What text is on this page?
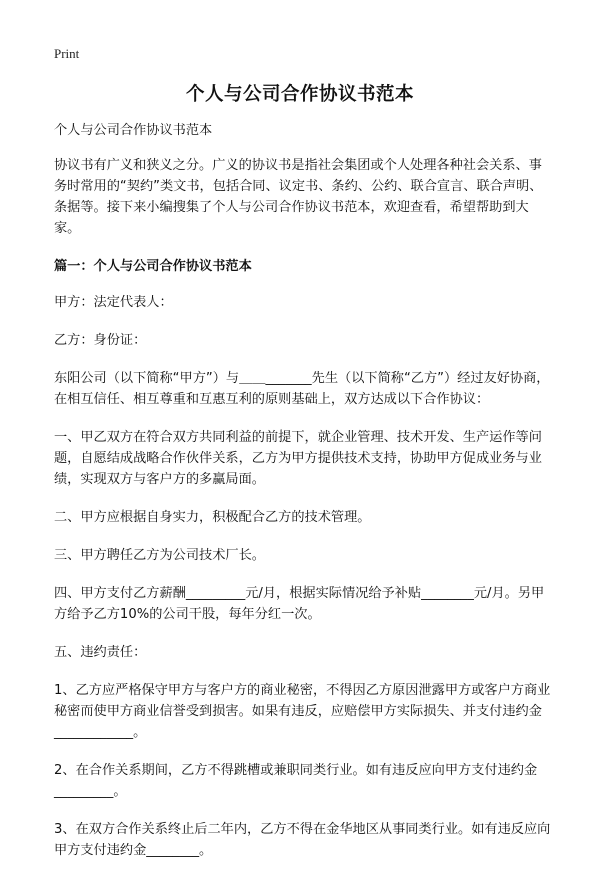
Print
个人与公司合作协议书范本

个人与公司合作协议书范本

协议书有广义和狭义之分。广义的协议书是指社会集团或个人处理各种社会关系、事务时常用的“契约”类文书，包括合同、议定书、条约、公约、联合宣言、联合声明、条据等。接下来小编搜集了个人与公司合作协议书范本，欢迎查看，希望帮助到大家。

篇一：个人与公司合作协议书范本

甲方：法定代表人：

乙方：身份证：

东阳公司（以下简称“甲方”）与＿＿_______先生（以下简称“乙方”）经过友好协商，在相互信任、相互尊重和互惠互利的原则基础上，双方达成以下合作协议：

一、甲乙双方在符合双方共同利益的前提下，就企业管理、技术开发、生产运作等问题，自愿结成战略合作伙伴关系，乙方为甲方提供技术支持，协助甲方促成业务与业绩，实现双方与客户方的多赢局面。

二、甲方应根据自身实力，积极配合乙方的技术管理。

三、甲方聘任乙方为公司技术厂长。

四、甲方支付乙方薪酬_________元/月，根据实际情况给予补贴________元/月。另甲方给予乙方10%的公司干股，每年分红一次。

五、违约责任：

1、乙方应严格保守甲方与客户方的商业秘密，不得因乙方原因泄露甲方或客户方商业秘密而使甲方商业信誉受到损害。如果有违反，应赔偿甲方实际损失、并支付违约金____________。

2、在合作关系期间，乙方不得跳槽或兼职同类行业。如有违反应向甲方支付违约金_________。

3、在双方合作关系终止后二年内，乙方不得在金华地区从事同类行业。如有违反应向甲方支付违约金________。
